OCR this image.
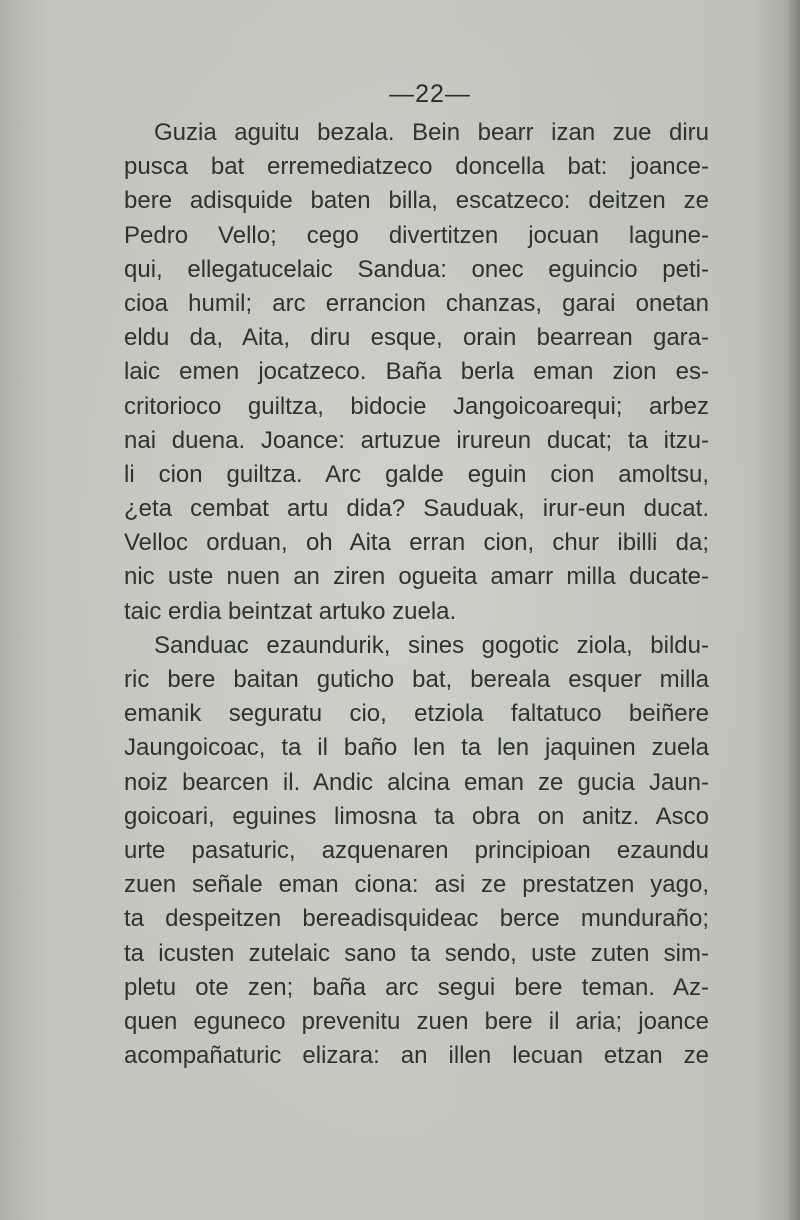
—22—
Guzia aguitu bezala. Bein bearr izan zue diru
pusca bat erremediatzeco doncella bat: joance-
bere adisquide baten billa, escatzeco: deitzen ze
Pedro Vello; cego divertitzen jocuan lagune-
qui, ellegatucelaic Sandua: onec eguincio peti-
cioa humil; arc errancion chanzas, garai onetan
eldu da, Aita, diru esque, orain bearrean gara-
laic emen jocatzeco. Baña berla eman zion es-
critorioco guiltza, bidocie Jangoicoarequi; arbez
nai duena. Joance: artuzue irureun ducat; ta itzu-
li cion guiltza. Arc galde eguin cion amoltsu,
¿eta cembat artu dida? Sauduak, irur-eun ducat.
Velloc orduan, oh Aita erran cion, chur ibilli da;
nic uste nuen an ziren ogueita amarr milla ducate-
taic erdia beintzat artuko zuela.
Sanduac ezaundurik, sines gogotic ziola, bildu-
ric bere baitan guticho bat, bereala esquer milla
emanik seguratu cio, etziola faltatuco beiñere
Jaungoicoac, ta il baño len ta len jaquinen zuela
noiz bearcen il. Andic alcina eman ze gucia Jaun-
goicoari, eguines limosna ta obra on anitz. Asco
urte pasaturic, azquenaren principioan ezaundu
zuen señale eman ciona: asi ze prestatzen yago,
ta despeitzen bereadisquideac berce munduraño;
ta icusten zutelaic sano ta sendo, uste zuten sim-
pletu ote zen; baña arc segui bere teman. Az-
quen eguneco prevenitu zuen bere il aria; joance
acompañaturic elizara: an illen lecuan etzan ze
